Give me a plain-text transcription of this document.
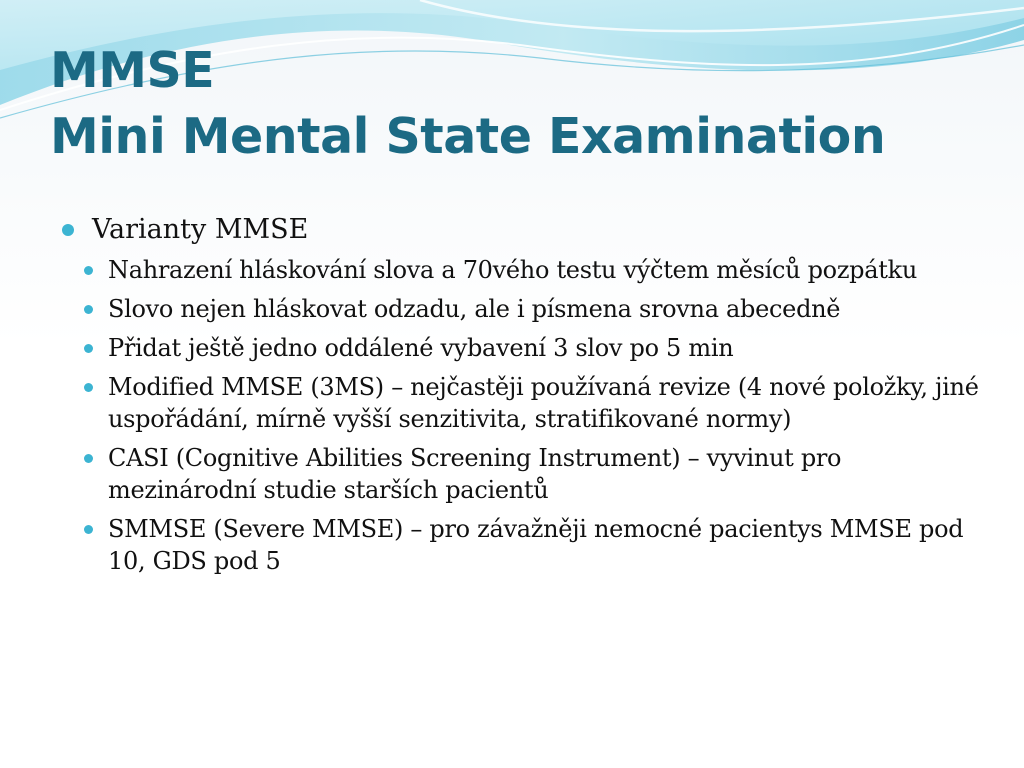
MMSE
Mini Mental State Examination
Varianty MMSE
Nahrazení hláskování slova a 70vého testu výčtem měsíců pozpátku
Slovo nejen hláskovat odzadu, ale i písmena srovna abecedně
Přidat ještě jedno oddálené vybavení 3 slov po 5 min
Modified MMSE (3MS) – nejčastěji používaná revize (4 nové položky, jiné uspořádání, mírně vyšší senzitivita, stratifikované normy)
CASI (Cognitive Abilities Screening Instrument) – vyvinut pro mezinárodní studie starších pacientů
SMMSE (Severe MMSE) – pro závažněji nemocné pacientys MMSE pod 10, GDS pod 5
